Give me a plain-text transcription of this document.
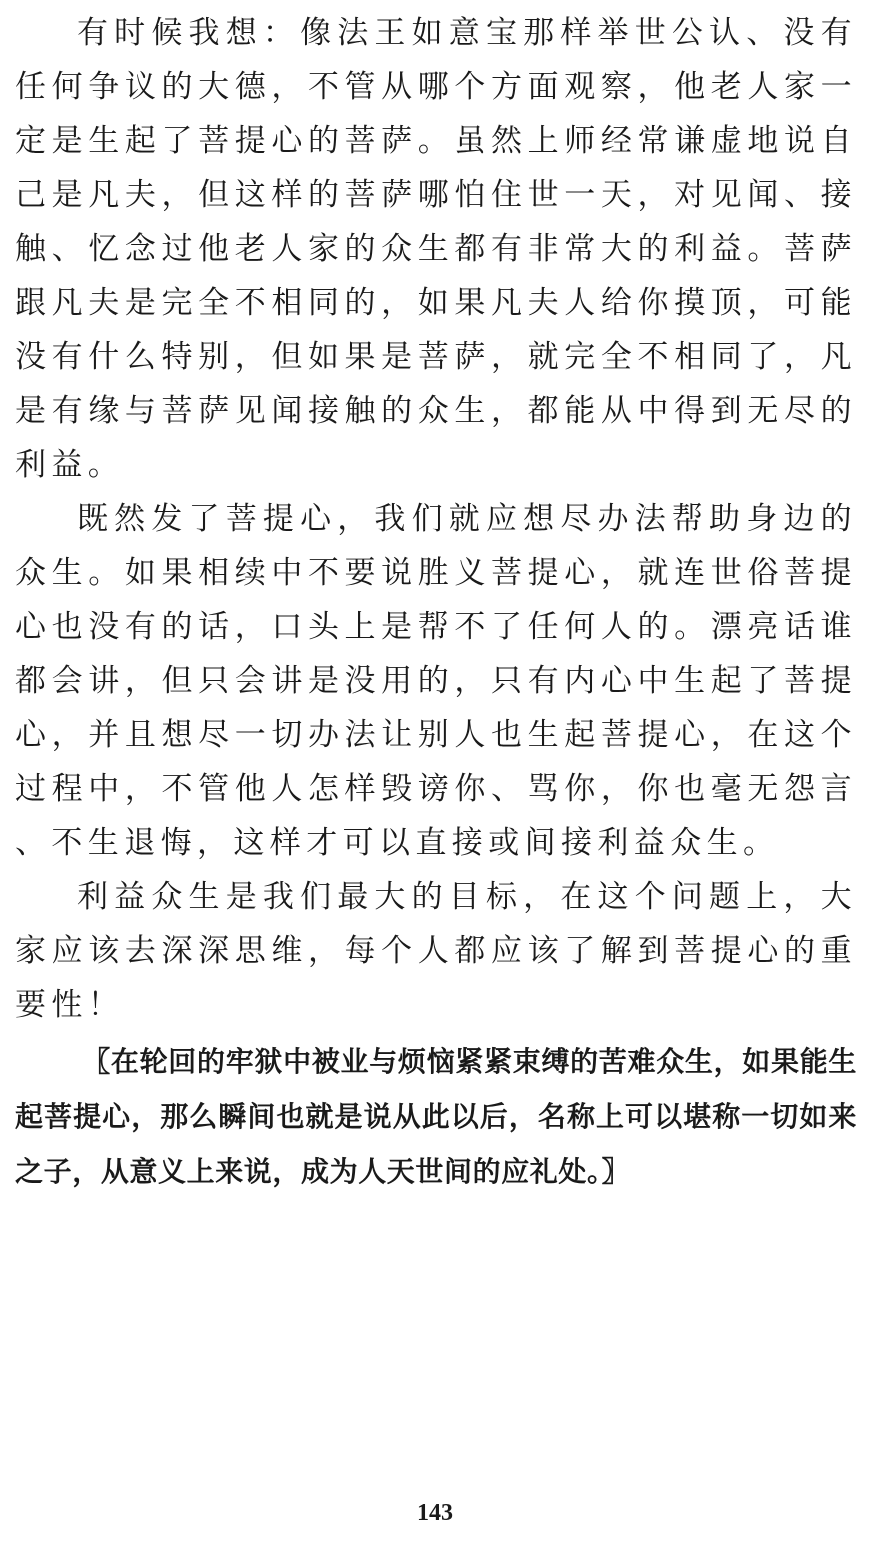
有时候我想：像法王如意宝那样举世公认、没有任何争议的大德，不管从哪个方面观察，他老人家一定是生起了菩提心的菩萨。虽然上师经常谦虚地说自己是凡夫，但这样的菩萨哪怕住世一天，对见闻、接触、忆念过他老人家的众生都有非常大的利益。菩萨跟凡夫是完全不相同的，如果凡夫人给你摸顶，可能没有什么特别，但如果是菩萨，就完全不相同了，凡是有缘与菩萨见闻接触的众生，都能从中得到无尽的利益。

既然发了菩提心，我们就应想尽办法帮助身边的众生。如果相续中不要说胜义菩提心，就连世俗菩提心也没有的话，口头上是帮不了任何人的。漂亮话谁都会讲，但只会讲是没用的，只有内心中生起了菩提心，并且想尽一切办法让别人也生起菩提心，在这个过程中，不管他人怎样毁谤你、骂你，你也毫无怨言、不生退悔，这样才可以直接或间接利益众生。

利益众生是我们最大的目标，在这个问题上，大家应该去深深思维，每个人都应该了解到菩提心的重要性！

〖在轮回的牢狱中被业与烦恼紧紧束缚的苦难众生，如果能生起菩提心，那么瞬间也就是说从此以后，名称上可以堪称一切如来之子，从意义上来说，成为人天世间的应礼处。〗

143
